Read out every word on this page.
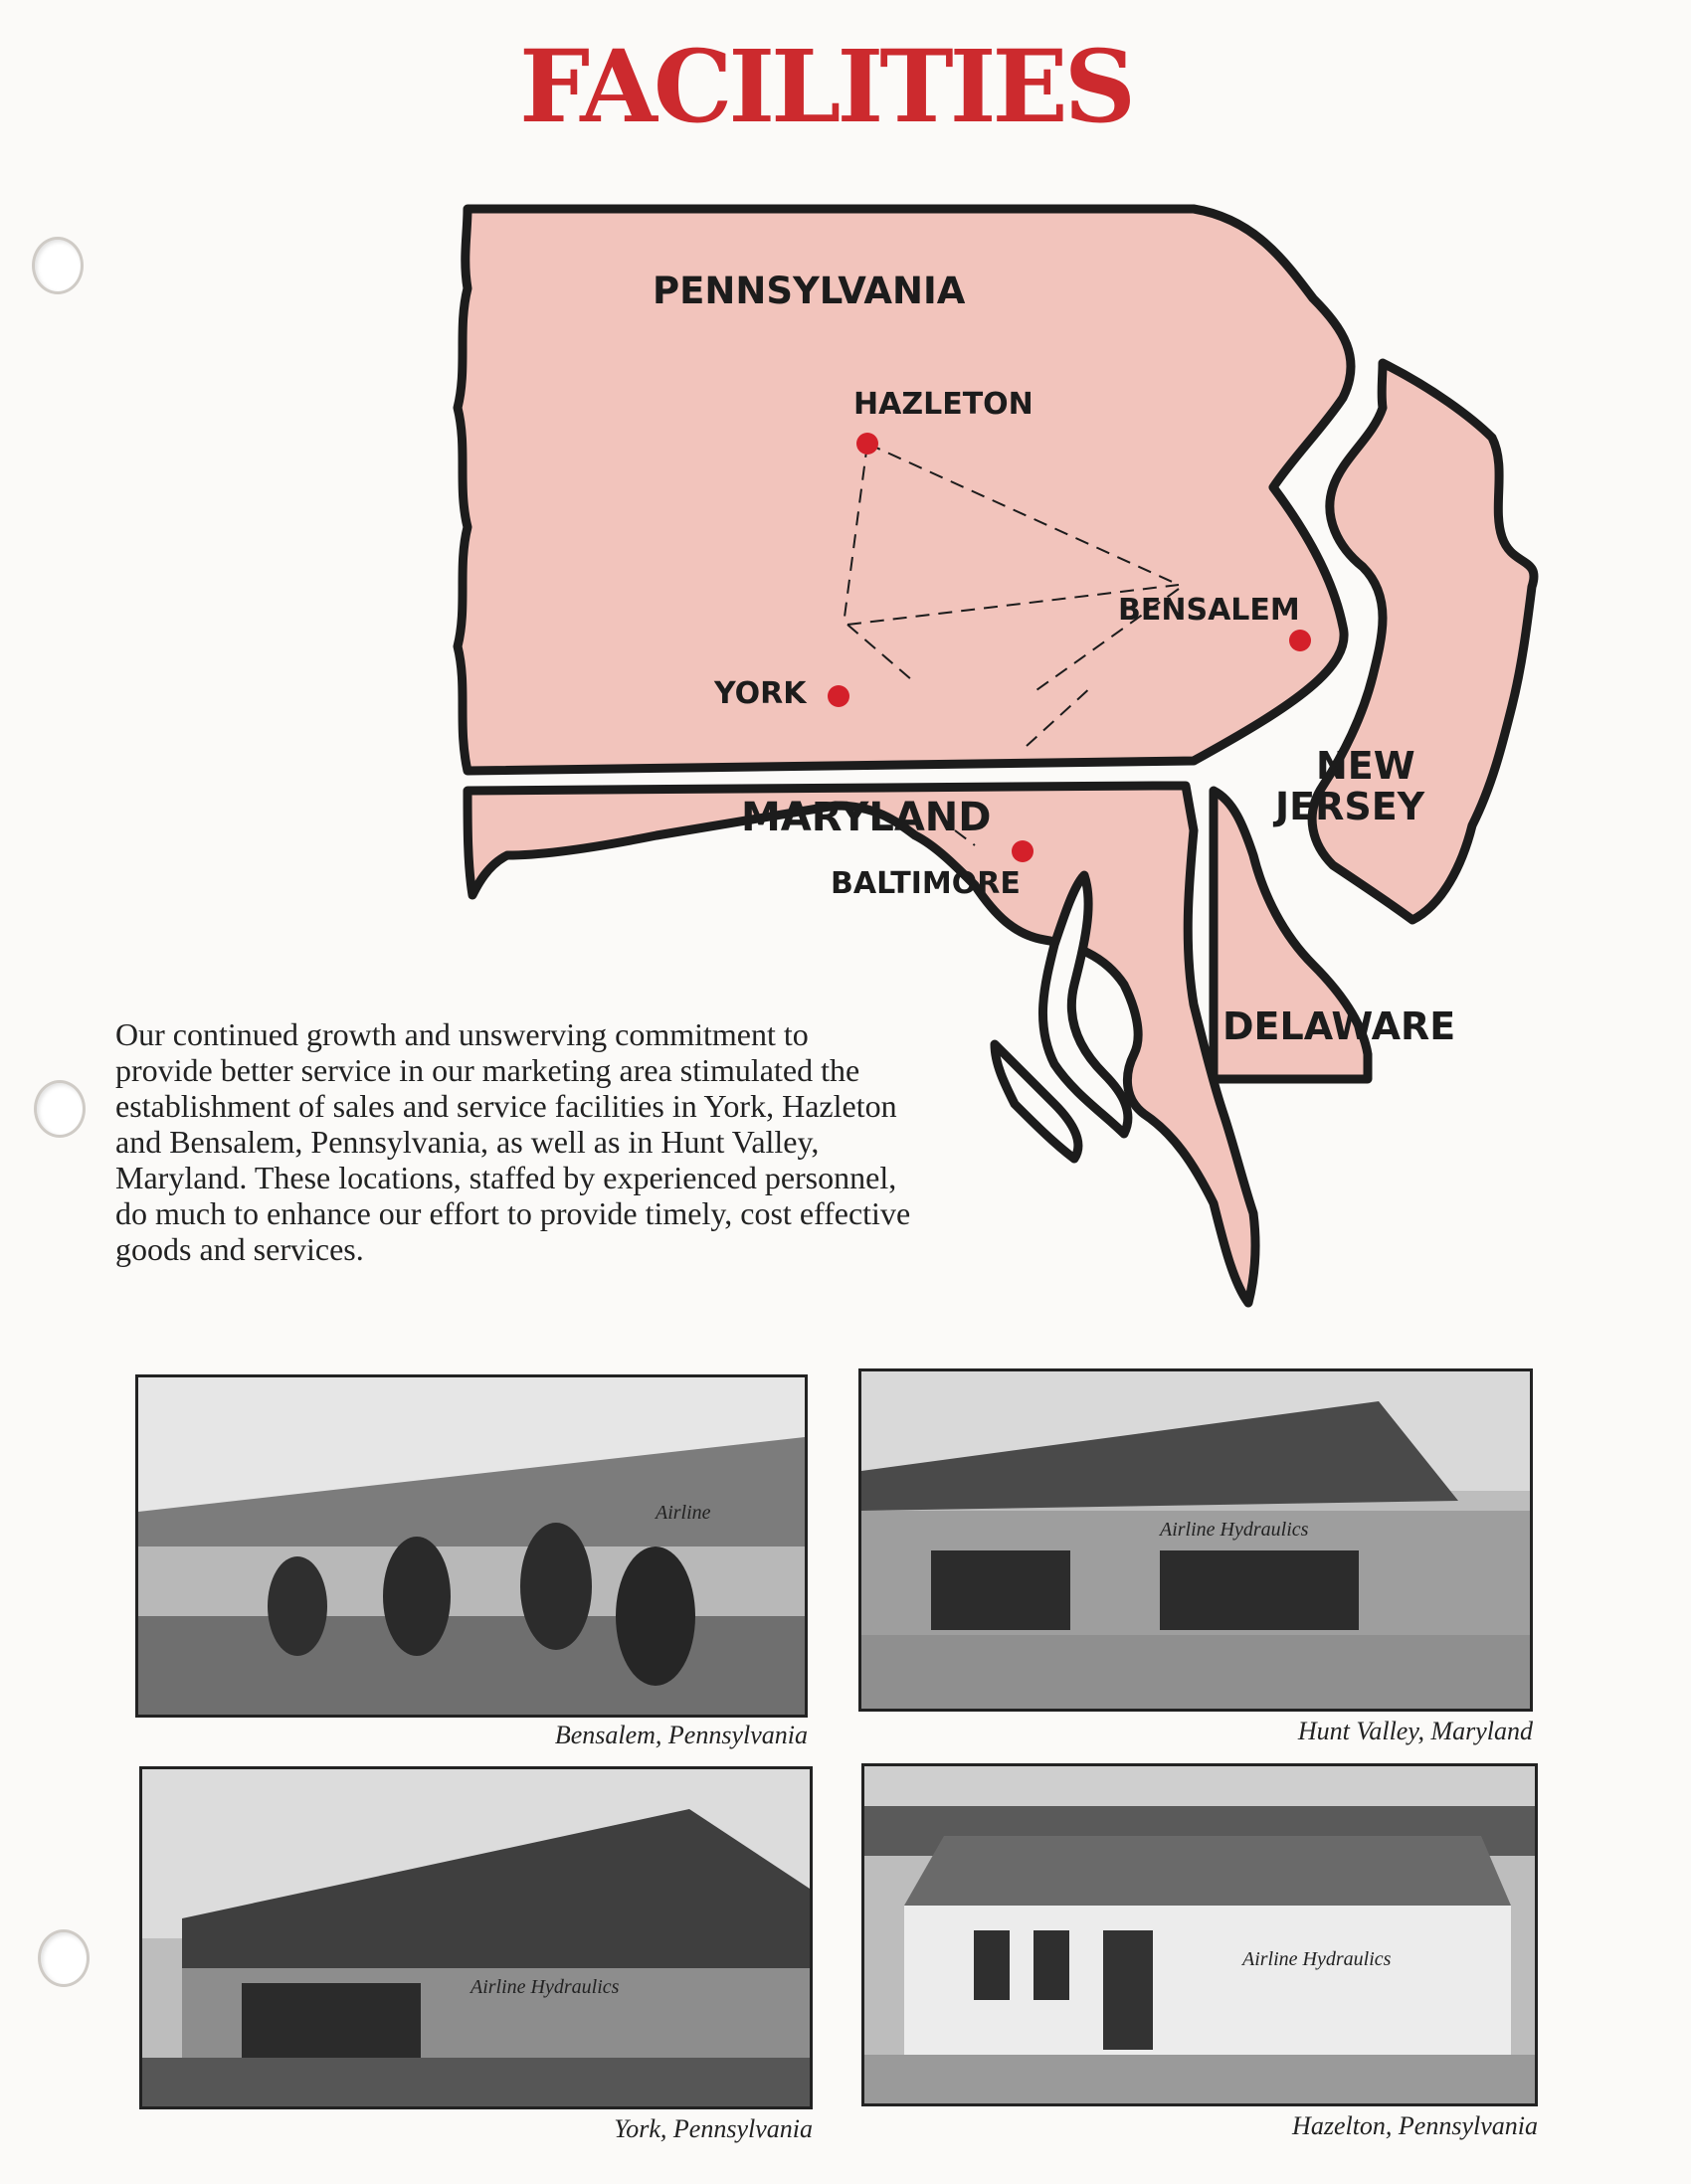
FACILITIES
PENNSYLVANIA
HAZLETON
BENSALEM
YORK
MARYLAND
BALTIMORE
NEW
JERSEY
DELAWARE

Our continued growth and unswerving commitment to provide better service in our marketing area stimulated the establishment of sales and service facilities in York, Hazleton and Bensalem, Pennsylvania, as well as in Hunt Valley, Maryland. These locations, staffed by experienced personnel, do much to enhance our effort to provide timely, cost effective goods and services.

Airline
Bensalem, Pennsylvania
Airline Hydraulics
Hunt Valley, Maryland
Airline Hydraulics
York, Pennsylvania
Airline Hydraulics
Hazelton, Pennsylvania
